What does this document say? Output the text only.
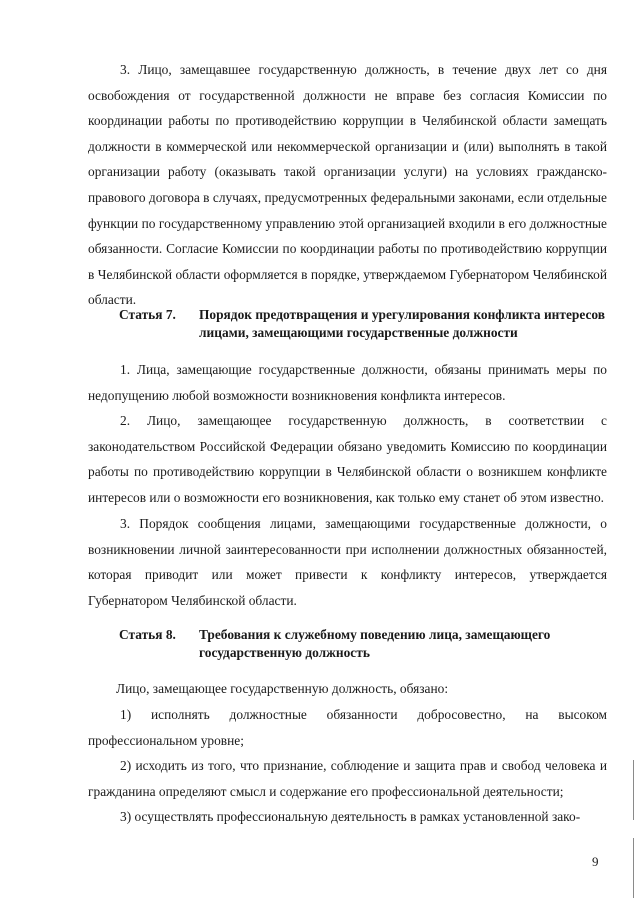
3. Лицо, замещавшее государственную должность, в течение двух лет со дня освобождения от государственной должности не вправе без согласия Комиссии по координации работы по противодействию коррупции в Челябинской области замещать должности в коммерческой или некоммерческой организации и (или) выполнять в такой организации работу (оказывать такой организации услуги) на условиях гражданско-правового договора в случаях, предусмотренных федеральными законами, если отдельные функции по государственному управлению этой организацией входили в его должностные обязанности. Согласие Комиссии по координации работы по противодействию коррупции в Челябинской области оформляется в порядке, утверждаемом Губернатором Челябинской области.

Статья 7.	Порядок предотвращения и урегулирования конфликта интересов лицами, замещающими государственные должности

1. Лица, замещающие государственные должности, обязаны принимать меры по недопущению любой возможности возникновения конфликта интересов.

2. Лицо, замещающее государственную должность, в соответствии с законодательством Российской Федерации обязано уведомить Комиссию по координации работы по противодействию коррупции в Челябинской области о возникшем конфликте интересов или о возможности его возникновения, как только ему станет об этом известно.

3. Порядок сообщения лицами, замещающими государственные должности, о возникновении личной заинтересованности при исполнении должностных обязанностей, которая приводит или может привести к конфликту интересов, утверждается Губернатором Челябинской области.

Статья 8.	Требования к служебному поведению лица, замещающего государственную должность

Лицо, замещающее государственную должность, обязано:

1) исполнять должностные обязанности добросовестно, на высоком профессиональном уровне;

2) исходить из того, что признание, соблюдение и защита прав и свобод человека и гражданина определяют смысл и содержание его профессиональной деятельности;

3) осуществлять профессиональную деятельность в рамках установленной зако-

9
